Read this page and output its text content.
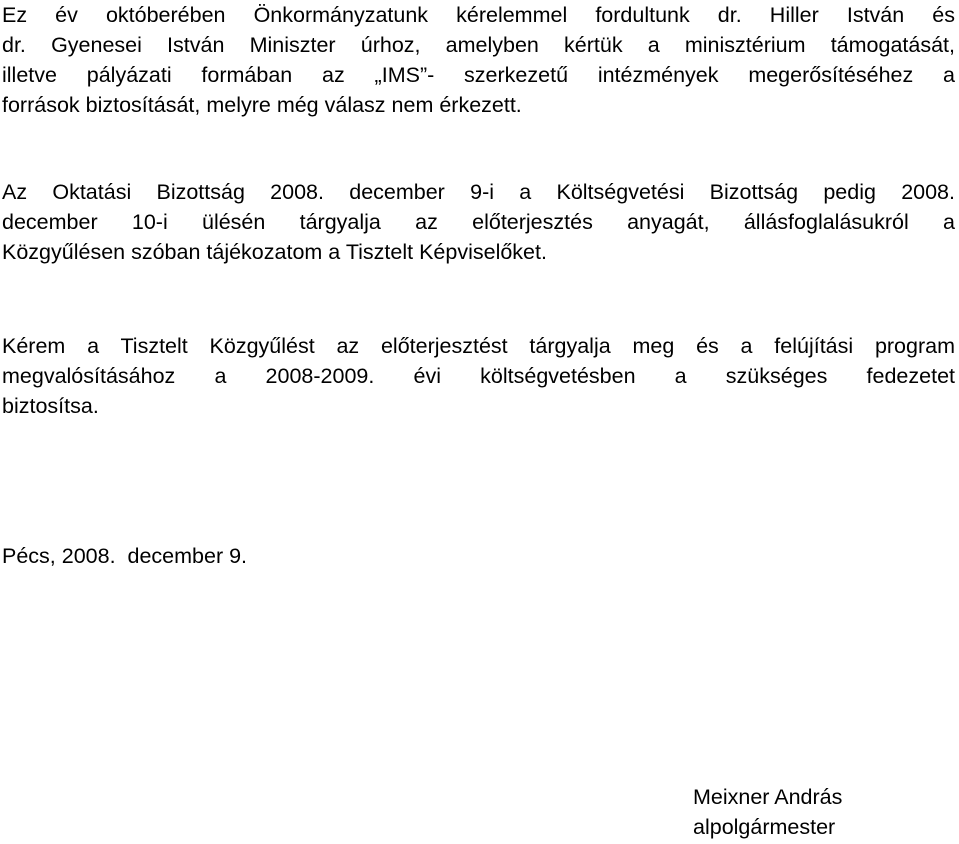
Ez év októberében Önkormányzatunk kérelemmel fordultunk dr. Hiller István és
dr. Gyenesei István Miniszter úrhoz, amelyben kértük a minisztérium támogatását,
illetve pályázati formában az „IMS”- szerkezetű intézmények megerősítéséhez a
források biztosítását, melyre még válasz nem érkezett.
Az Oktatási Bizottság 2008. december 9-i a Költségvetési Bizottság pedig 2008.
december 10-i ülésén tárgyalja az előterjesztés anyagát, állásfoglalásukról a
Közgyűlésen szóban tájékozatom a Tisztelt Képviselőket.
Kérem a Tisztelt Közgyűlést az előterjesztést tárgyalja meg és a felújítási program
megvalósításához a 2008-2009. évi költségvetésben a szükséges fedezetet
biztosítsa.
Pécs, 2008.  december 9.
Meixner András
alpolgármester
